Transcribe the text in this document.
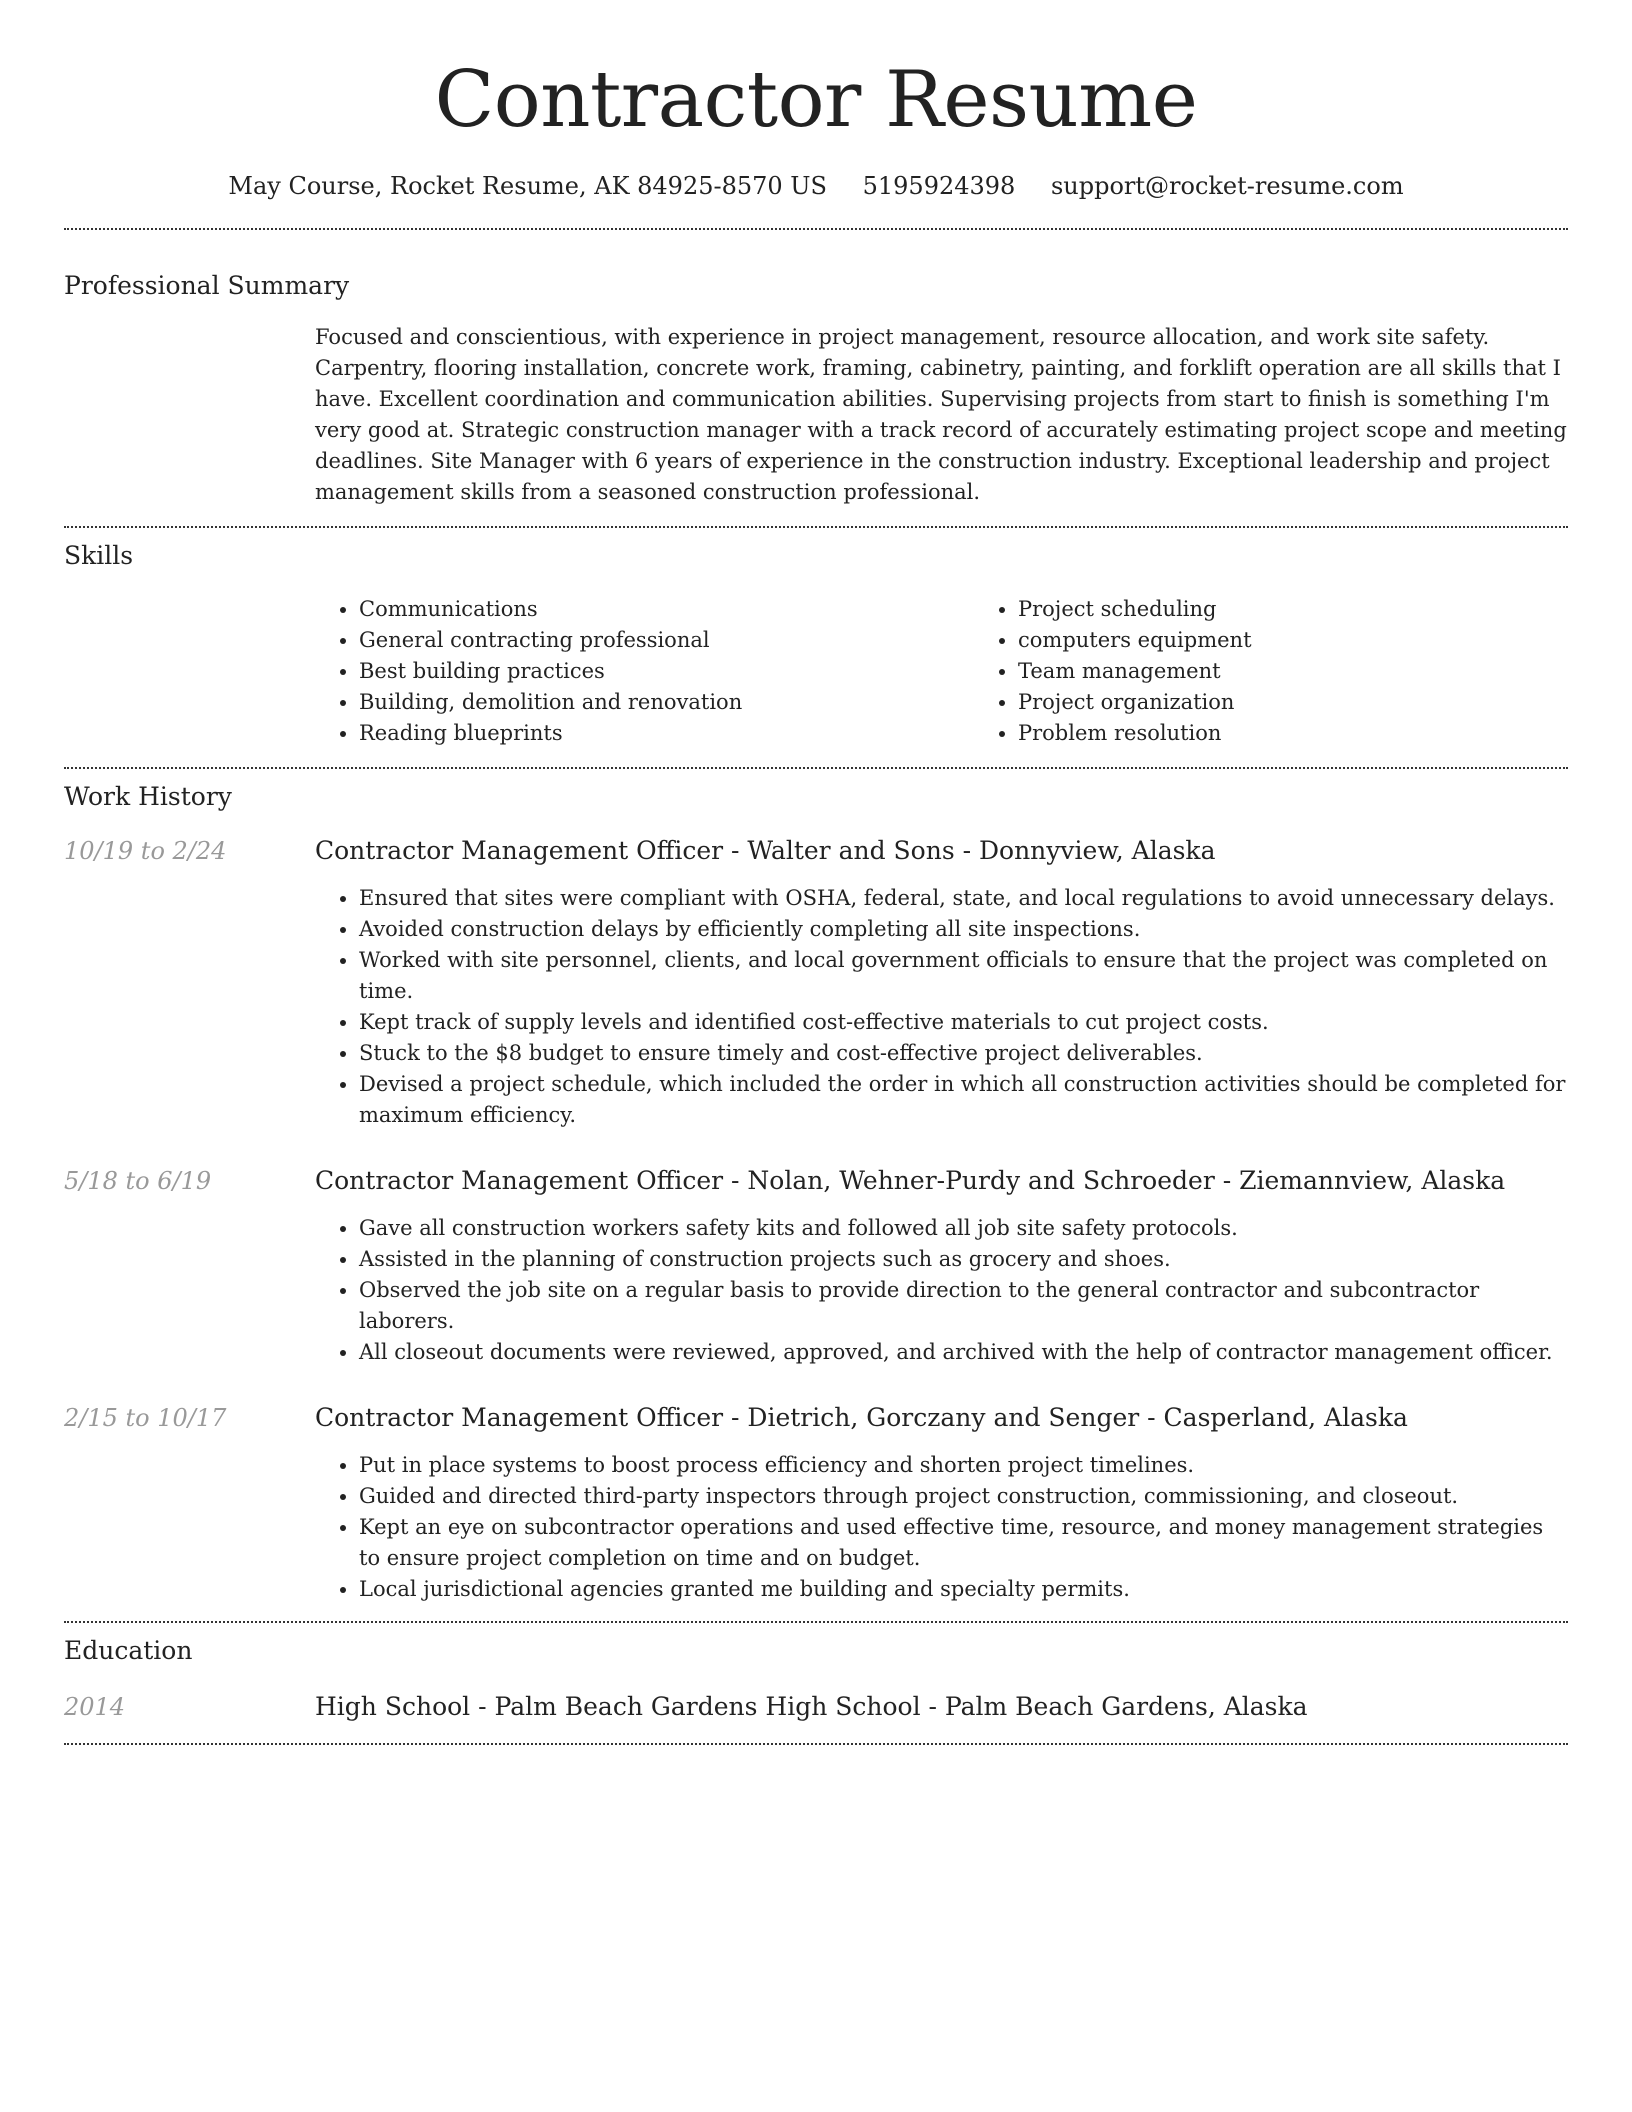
Contractor Resume
May Course, Rocket Resume, AK 84925-8570 US 5195924398 support@rocket-resume.com
Professional Summary

Focused and conscientious, with experience in project management, resource allocation, and work site safety. Carpentry, flooring installation, concrete work, framing, cabinetry, painting, and forklift operation are all skills that I have. Excellent coordination and communication abilities. Supervising projects from start to finish is something I'm very good at. Strategic construction manager with a track record of accurately estimating project scope and meeting deadlines. Site Manager with 6 years of experience in the construction industry. Exceptional leadership and project management skills from a seasoned construction professional.

Skills
• Communications
• General contracting professional
• Best building practices
• Building, demolition and renovation
• Reading blueprints
• Project scheduling
• computers equipment
• Team management
• Project organization
• Problem resolution
Work History
10/19 to 2/24	Contractor Management Officer - Walter and Sons - Donnyview, Alaska
• Ensured that sites were compliant with OSHA, federal, state, and local regulations to avoid unnecessary delays.
• Avoided construction delays by efficiently completing all site inspections.
• Worked with site personnel, clients, and local government officials to ensure that the project was completed on time.
• Kept track of supply levels and identified cost-effective materials to cut project costs.
• Stuck to the $8 budget to ensure timely and cost-effective project deliverables.
• Devised a project schedule, which included the order in which all construction activities should be completed for maximum efficiency.
5/18 to 6/19	Contractor Management Officer - Nolan, Wehner-Purdy and Schroeder - Ziemannview, Alaska
• Gave all construction workers safety kits and followed all job site safety protocols.
• Assisted in the planning of construction projects such as grocery and shoes.
• Observed the job site on a regular basis to provide direction to the general contractor and subcontractor laborers.
• All closeout documents were reviewed, approved, and archived with the help of contractor management officer.
2/15 to 10/17	Contractor Management Officer - Dietrich, Gorczany and Senger - Casperland, Alaska
• Put in place systems to boost process efficiency and shorten project timelines.
• Guided and directed third-party inspectors through project construction, commissioning, and closeout.
• Kept an eye on subcontractor operations and used effective time, resource, and money management strategies to ensure project completion on time and on budget.
• Local jurisdictional agencies granted me building and specialty permits.
Education
2014	High School - Palm Beach Gardens High School - Palm Beach Gardens, Alaska
